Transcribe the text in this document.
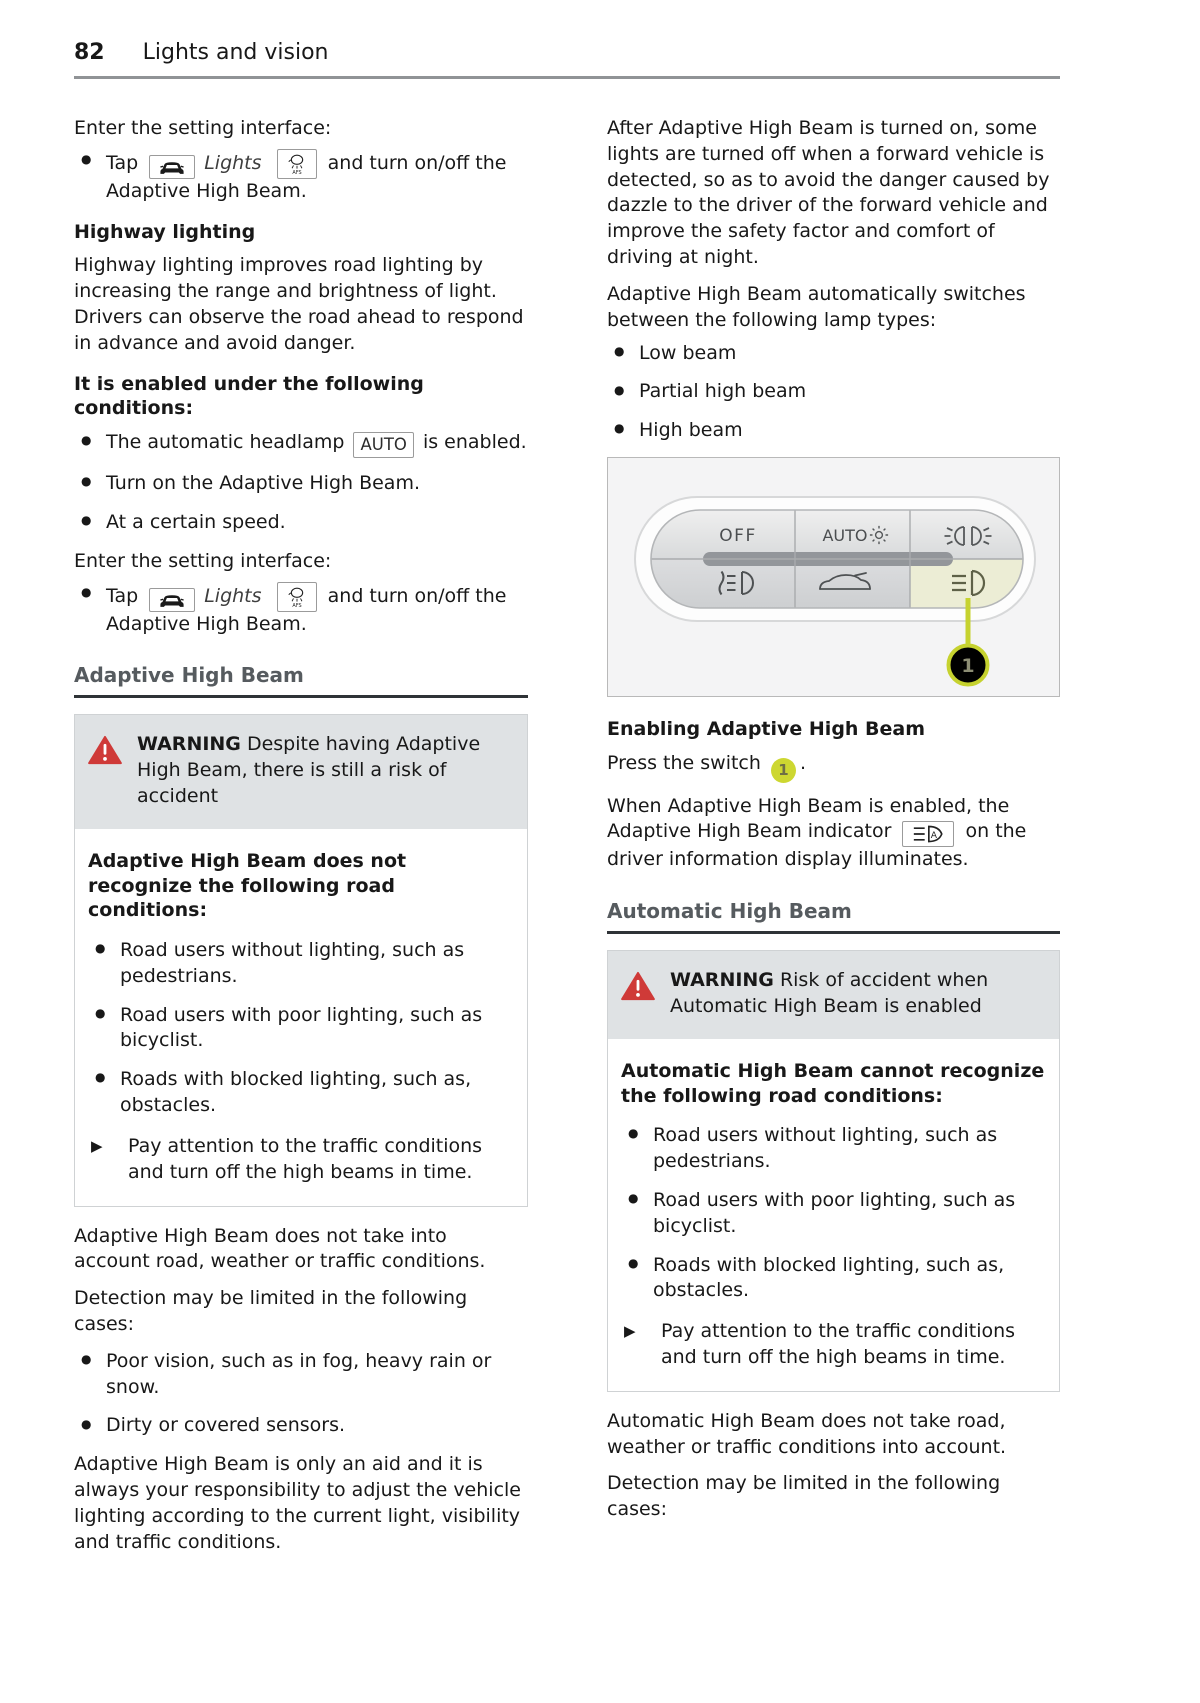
82 Lights and vision

Enter the setting interface:

● Tap	Lights	AFS and turn on/off the Adaptive High Beam.
Highway lighting

Highway lighting improves road lighting by increasing the range and brightness of light. Drivers can observe the road ahead to respond in advance and avoid danger.

It is enabled under the following conditions:
● The automatic headlamp AUTO is enabled.
● Turn on the Adaptive High Beam.
● At a certain speed.

Enter the setting interface:

● Tap	Lights	AFS and turn on/off the Adaptive High Beam.
Adaptive High Beam
WARNING Despite having Adaptive High Beam, there is still a risk of accident
Adaptive High Beam does not recognize the following road conditions:
● Road users without lighting, such as pedestrians.
● Road users with poor lighting, such as bicyclist.
● Roads with blocked lighting, such as, obstacles.
▶ Pay attention to the traffic conditions and turn off the high beams in time.

Adaptive High Beam does not take into account road, weather or traffic conditions.

Detection may be limited in the following cases:

● Poor vision, such as in fog, heavy rain or snow.
● Dirty or covered sensors.

Adaptive High Beam is only an aid and it is always your responsibility to adjust the vehicle lighting according to the current light, visibility and traffic conditions.

After Adaptive High Beam is turned on, some lights are turned off when a forward vehicle is detected, so as to avoid the danger caused by dazzle to the driver of the forward vehicle and improve the safety factor and comfort of driving at night.

Adaptive High Beam automatically switches between the following lamp types:

● Low beam
● Partial high beam
● High beam
OFF	AUTO
1
Enabling Adaptive High Beam

Press the switch 1 .

When Adaptive High Beam is enabled, the Adaptive High Beam indicator	A on the driver information display illuminates.

Automatic High Beam
WARNING Risk of accident when Automatic High Beam is enabled
Automatic High Beam cannot recognize the following road conditions:
● Road users without lighting, such as pedestrians.
● Road users with poor lighting, such as bicyclist.
● Roads with blocked lighting, such as, obstacles.
▶ Pay attention to the traffic conditions and turn off the high beams in time.

Automatic High Beam does not take road, weather or traffic conditions into account.

Detection may be limited in the following cases:
